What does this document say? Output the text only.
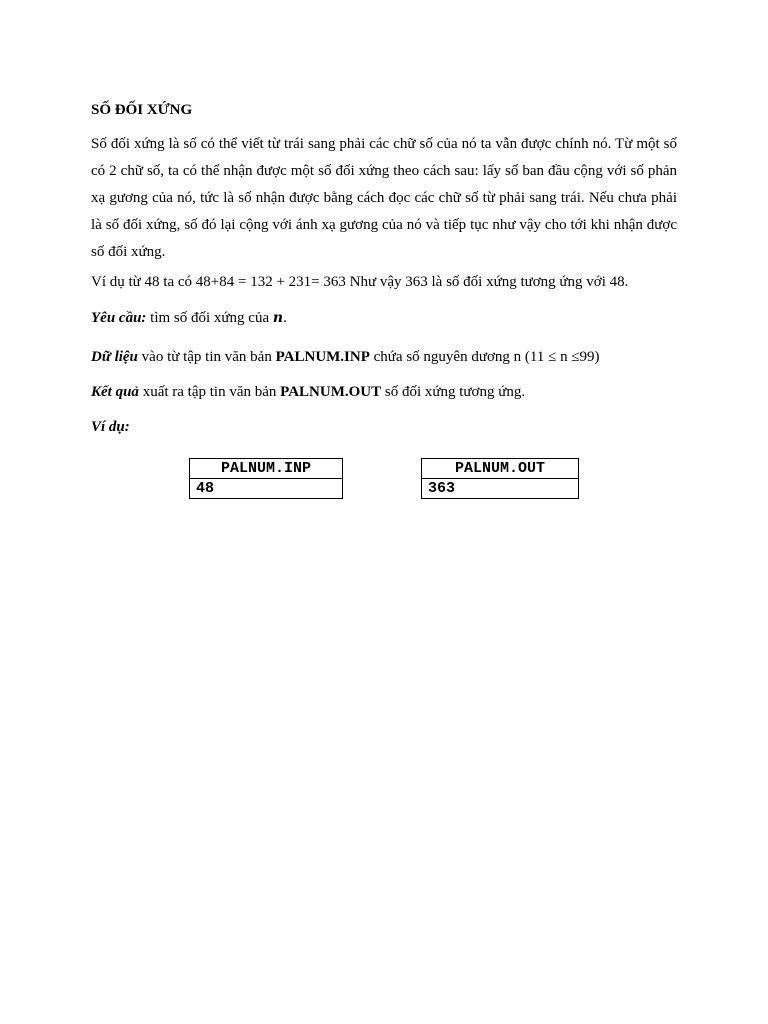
SỐ ĐỐI XỨNG
Số đối xứng là số có thể viết từ trái sang phải các chữ số của nó ta vẫn được chính nó. Từ một số có 2 chữ số, ta có thể nhận được một số đối xứng theo cách sau: lấy số ban đầu cộng với số phản xạ gương của nó, tức là số nhận được bằng cách đọc các chữ số từ phải sang trái. Nếu chưa phải là số đối xứng, số đó lại cộng với ánh xạ gương của nó và tiếp tục như vậy cho tới khi nhận được số đối xứng.
Ví dụ từ 48 ta có 48+84 = 132 + 231= 363 Như vậy 363 là số đối xứng tương ứng với 48.
Yêu cầu: tìm số đối xứng của n.
Dữ liệu vào từ tập tin văn bản PALNUM.INP chứa số nguyên dương n (11 ≤ n ≤99)
Kết quả xuất ra tập tin văn bản PALNUM.OUT số đối xứng tương ứng.
Ví dụ:
PALNUM.INP
48
PALNUM.OUT
363
